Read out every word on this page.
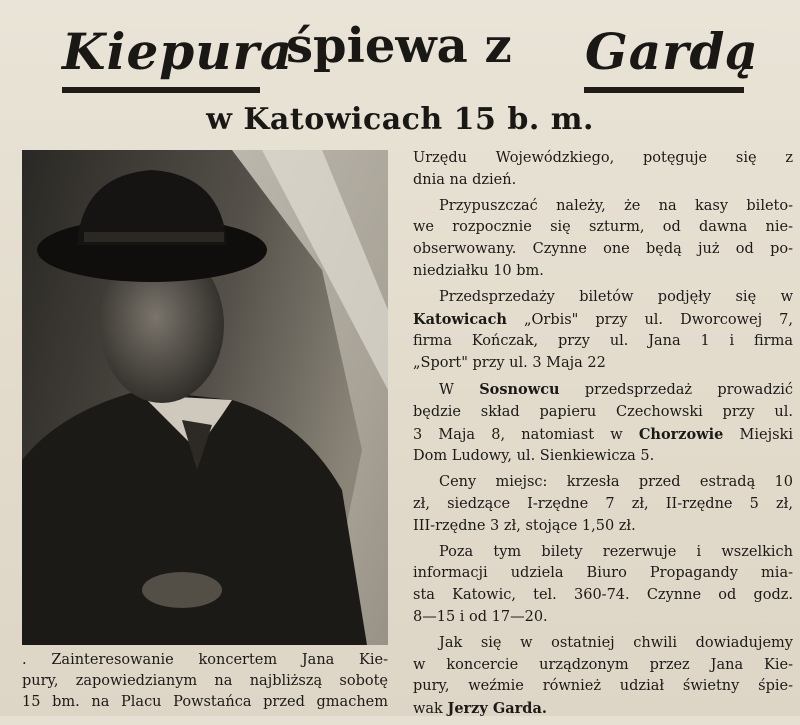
Kiepura
śpiewa z Gardą
w Katowicach 15 b. m.
. Zainteresowanie koncertem Jana Kie-
pury, zapowiedzianym na najbliższą sobotę
15 bm. na Placu Powstańca przed gmachem

Urzędu Wojewódzkiego, potęguje się z
dnia na dzień.

Przypuszczać należy, że na kasy bileto-
we rozpocznie się szturm, od dawna nie-
obserwowany. Czynne one będą już od po-
niedziałku 10 bm.

Przedsprzedaży biletów podjęły się w
Katowicach „Orbis" przy ul. Dworcowej 7,
firma Kończak, przy ul. Jana 1 i firma
„Sport" przy ul. 3 Maja 22

W Sosnowcu przedsprzedaż prowadzić
będzie skład papieru Czechowski przy ul.
3 Maja 8, natomiast w Chorzowie Miejski
Dom Ludowy, ul. Sienkiewicza 5.

Ceny miejsc: krzesła przed estradą 10
zł, siedzące I-rzędne 7 zł, II-rzędne 5 zł,
III-rzędne 3 zł, stojące 1,50 zł.

Poza tym bilety rezerwuje i wszelkich
informacji udziela Biuro Propagandy mia-
sta Katowic, tel. 360-74. Czynne od godz.
8—15 i od 17—20.

Jak się w ostatniej chwili dowiadujemy
w koncercie urządzonym przez Jana Kie-
pury, weźmie również udział świetny śpie-
wak Jerzy Garda.
